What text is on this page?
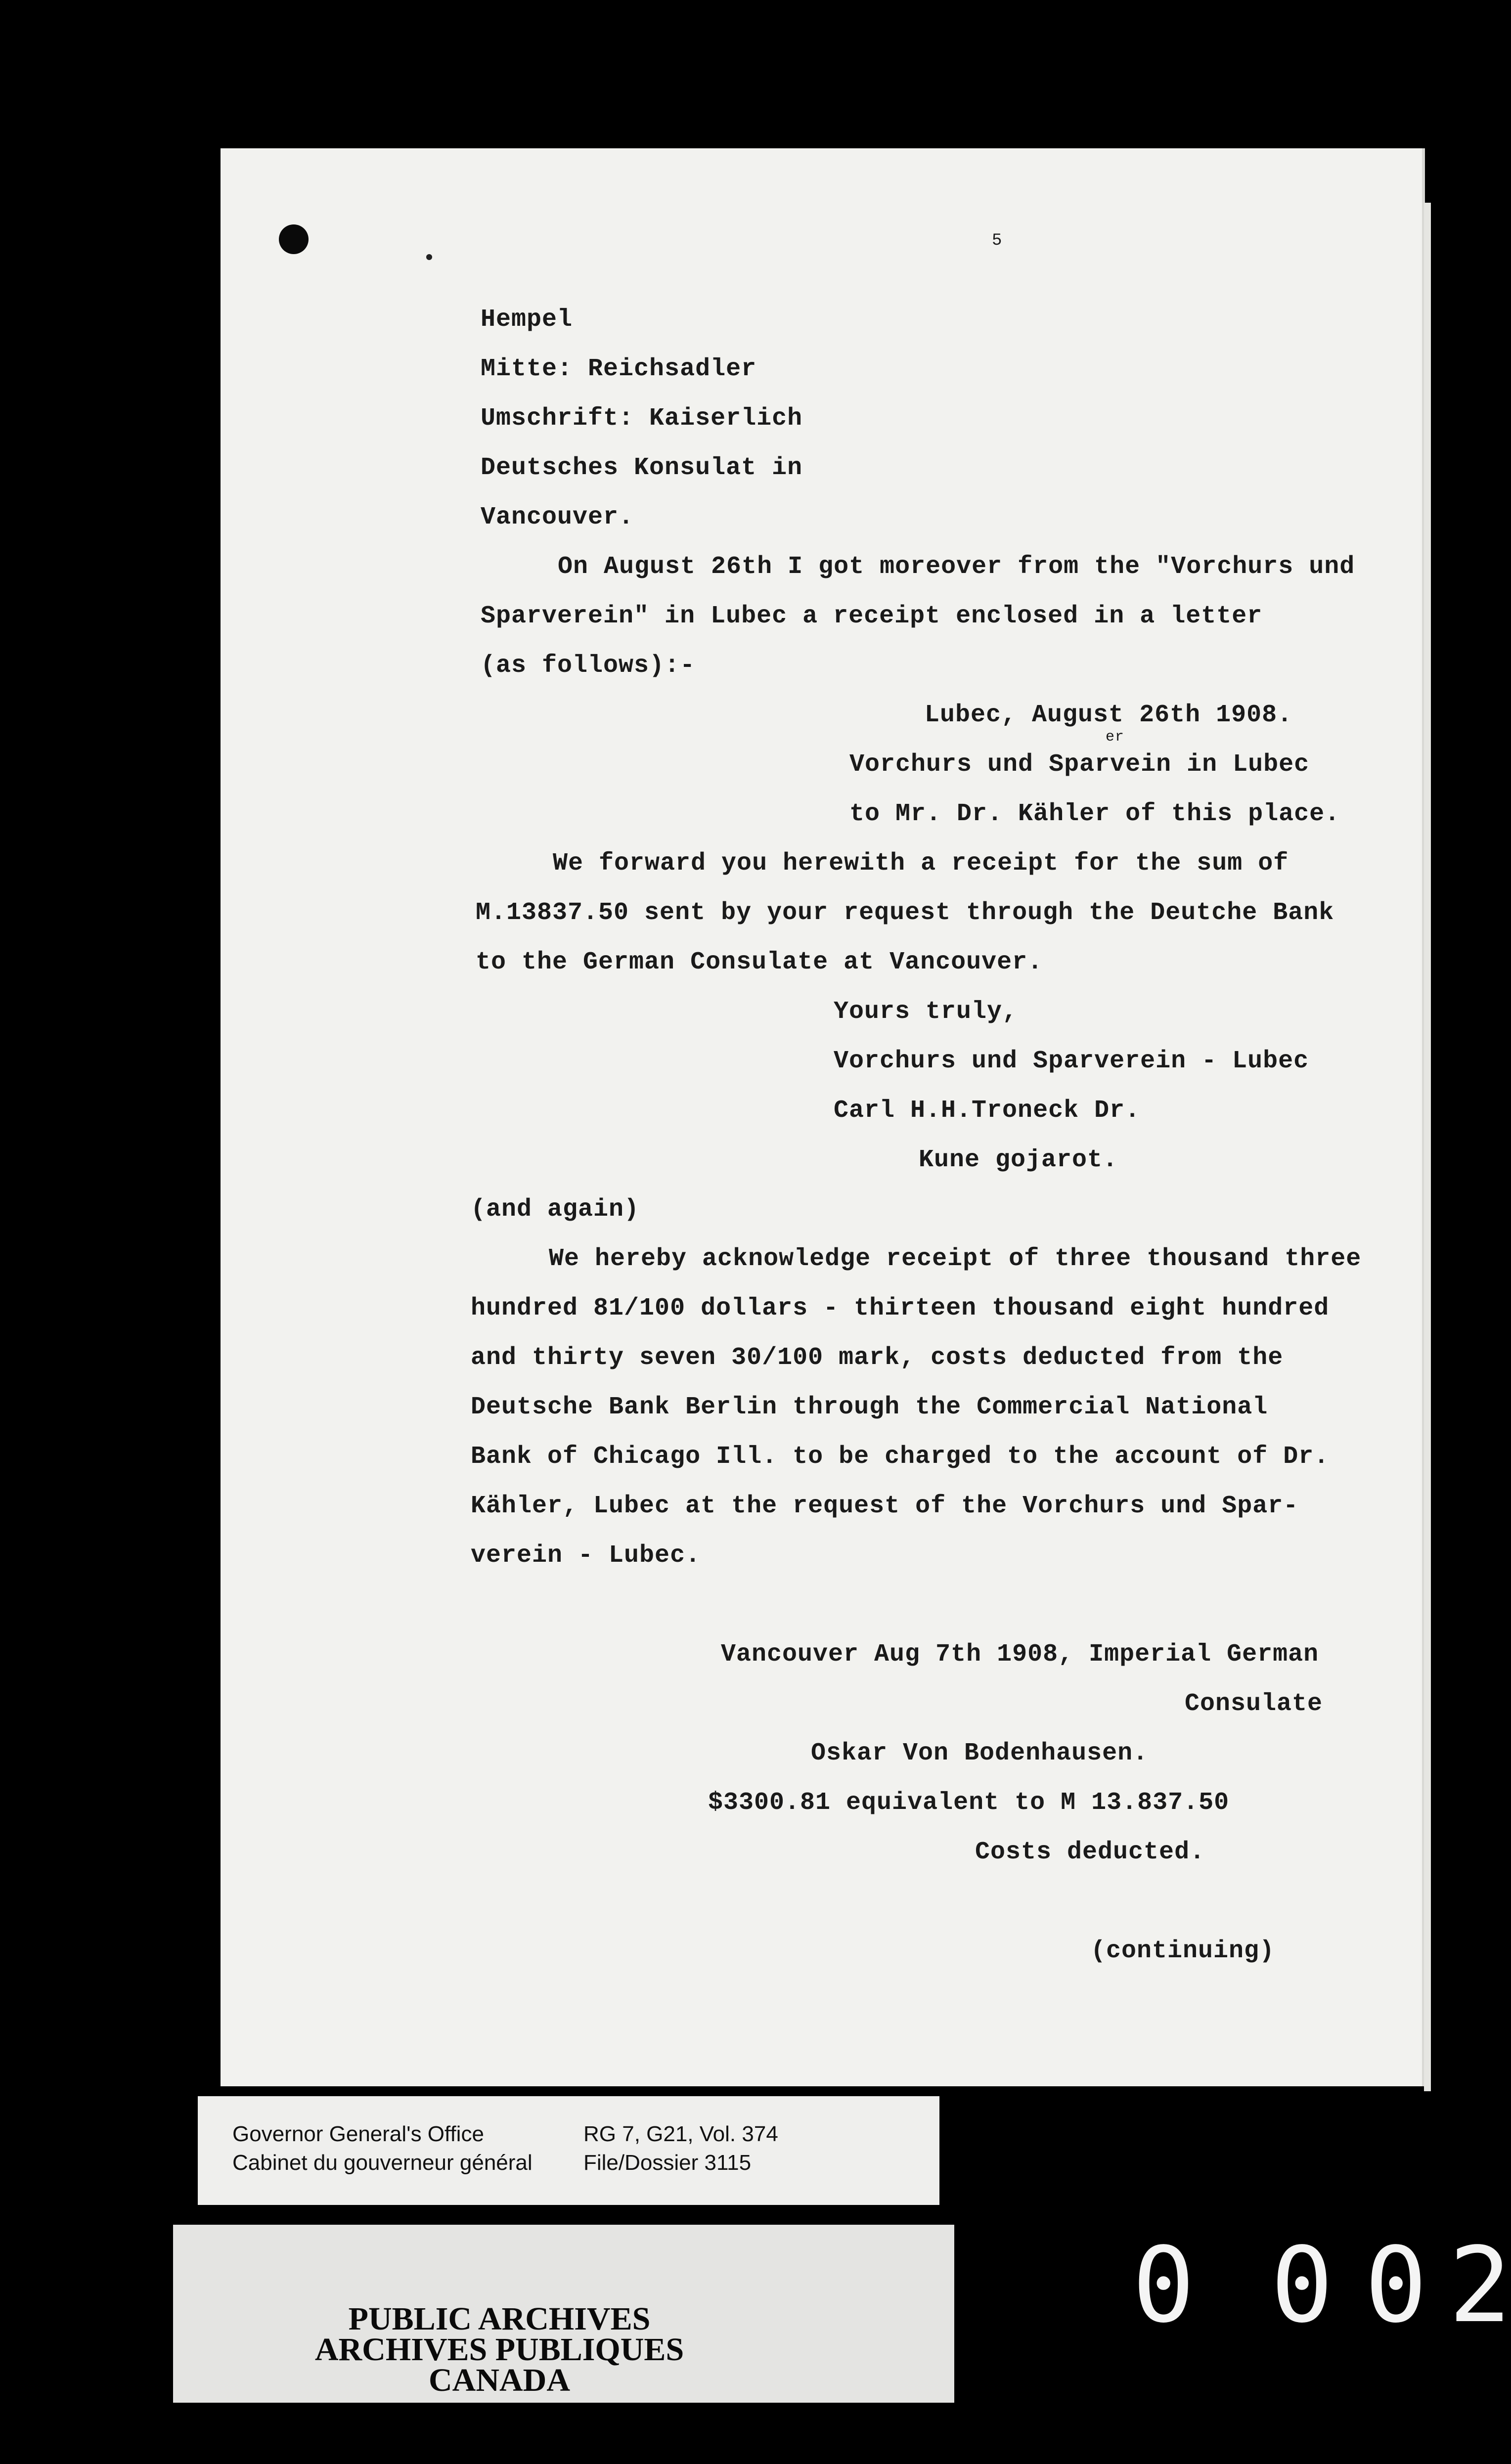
5
Hempel
Mitte: Reichsadler
Umschrift: Kaiserlich
Deutsches Konsulat in
Vancouver.
On August 26th I got moreover from the "Vorchurs und
Sparverein" in Lubec a receipt enclosed in a letter
(as follows):-
Lubec, August 26th 1908.
er
Vorchurs und Sparvein in Lubec
to Mr. Dr. Kähler of this place.
We forward you herewith a receipt for the sum of
M.13837.50 sent by your request through the Deutche Bank
to the German Consulate at Vancouver.
Yours truly,
Vorchurs und Sparverein - Lubec
Carl H.H.Troneck Dr.
Kune gojarot.
(and again)
We hereby acknowledge receipt of three thousand three
hundred 81/100 dollars - thirteen thousand eight hundred
and thirty seven 30/100 mark, costs deducted from the
Deutsche Bank Berlin through the Commercial National
Bank of Chicago Ill. to be charged to the account of Dr.
Kähler, Lubec at the request of the Vorchurs und Spar-
verein - Lubec.
Vancouver Aug 7th 1908, Imperial German
Consulate
Oskar Von Bodenhausen.
$3300.81 equivalent to M 13.837.50
Costs deducted.
(continuing)
Governor General's Office
Cabinet du gouverneur général
RG 7, G21, Vol. 374
File/Dossier 3115
PUBLIC ARCHIVES
ARCHIVES PUBLIQUES
CANADA
0 0 0 2
